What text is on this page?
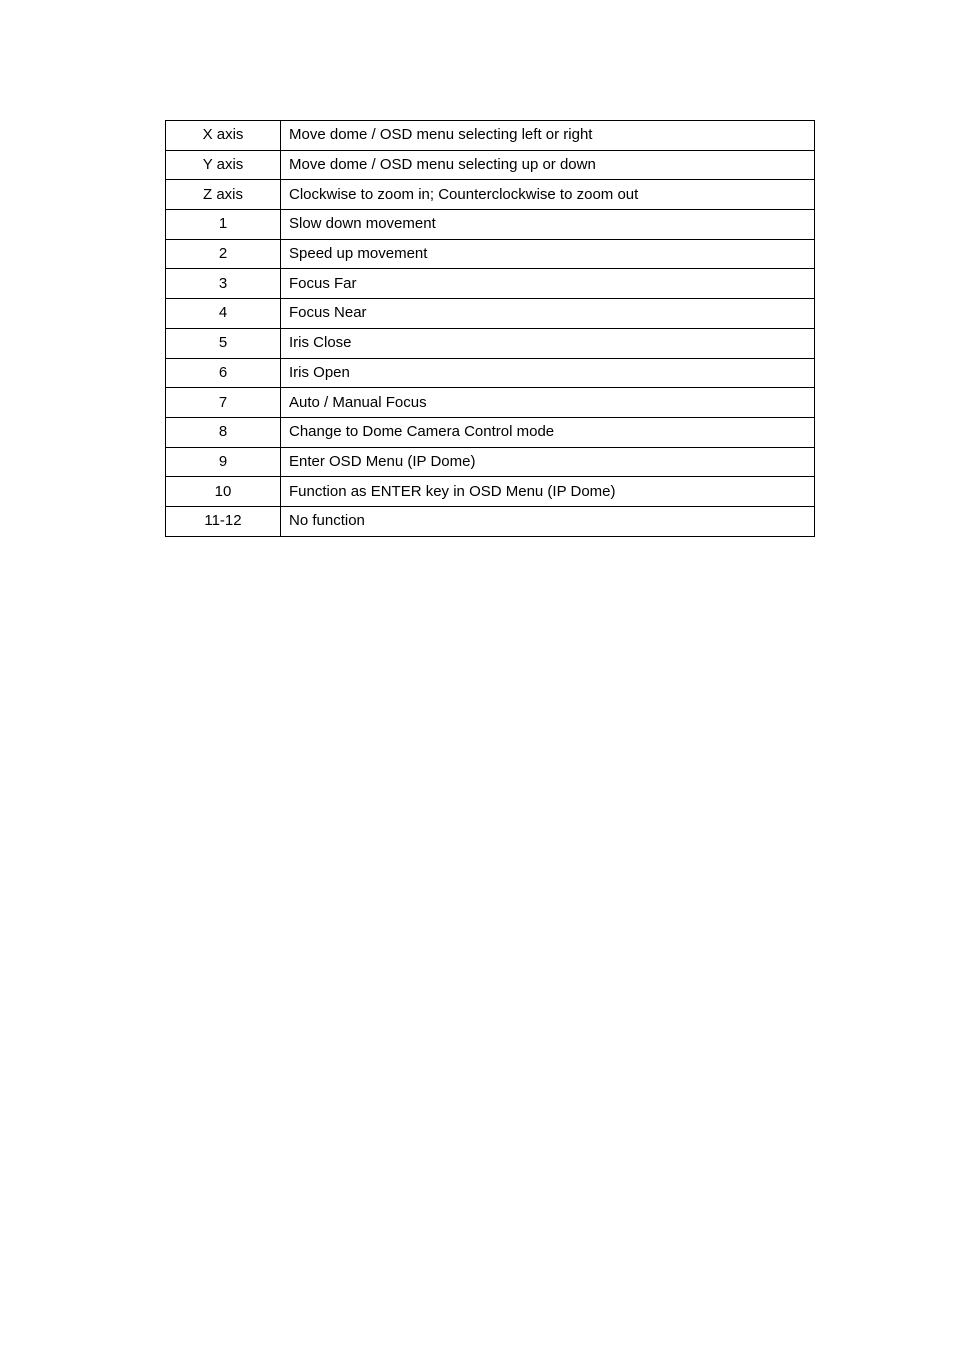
X axis	Move dome / OSD menu selecting left or right
Y axis	Move dome / OSD menu selecting up or down
Z axis	Clockwise to zoom in; Counterclockwise to zoom out
1	Slow down movement
2	Speed up movement
3	Focus Far
4	Focus Near
5	Iris Close
6	Iris Open
7	Auto / Manual Focus
8	Change to Dome Camera Control mode
9	Enter OSD Menu (IP Dome)
10	Function as ENTER key in OSD Menu (IP Dome)
11-12	No function
